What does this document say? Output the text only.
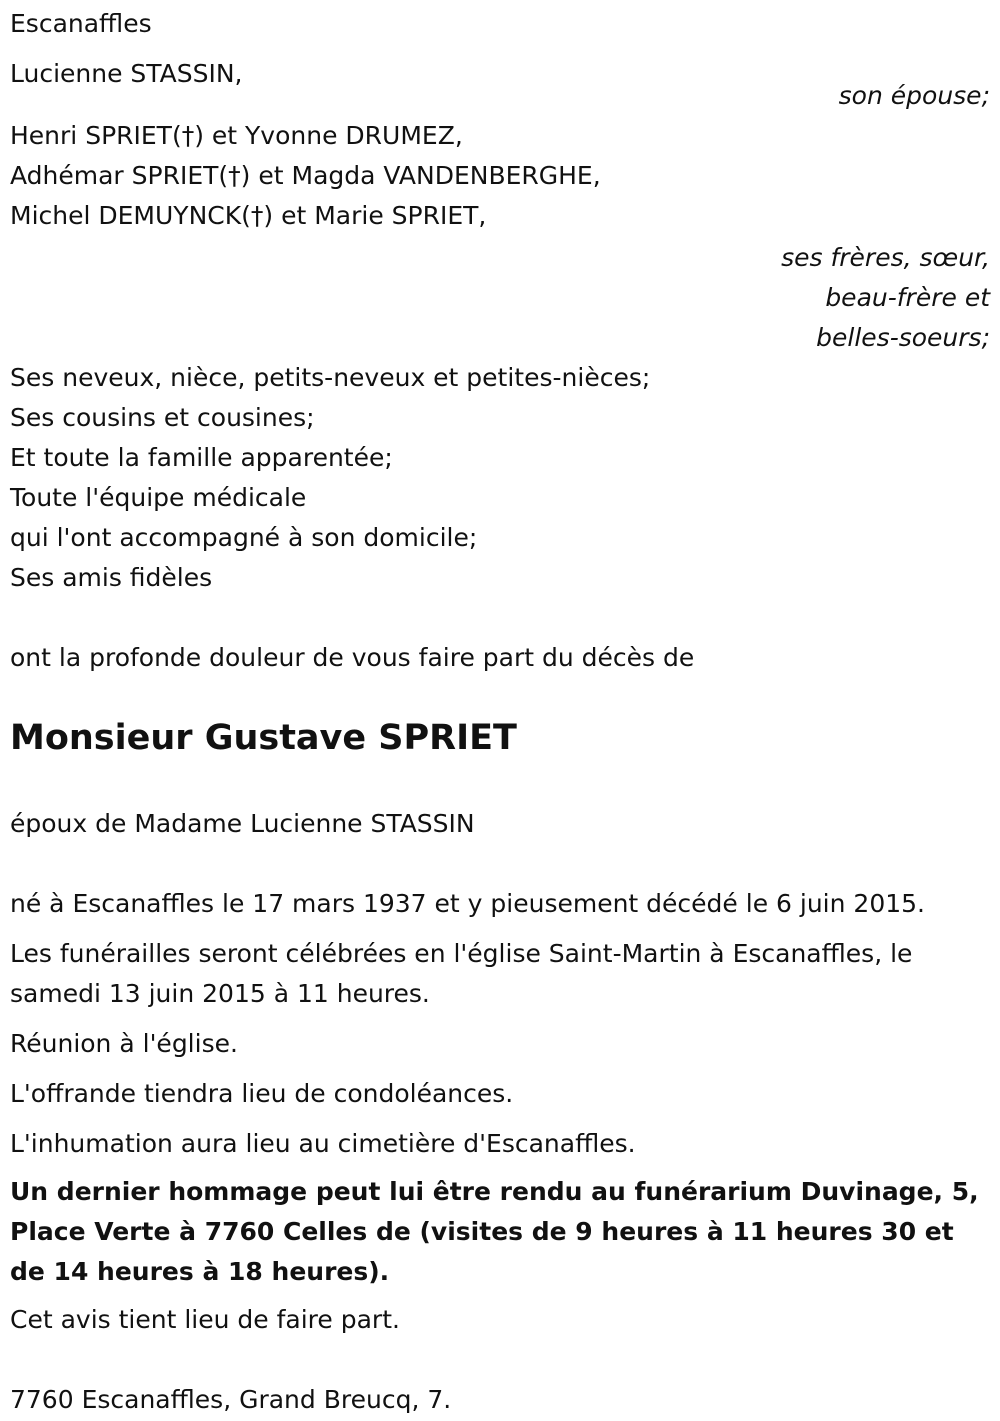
Escanaffles
Lucienne STASSIN,
son épouse;
Henri SPRIET(†) et Yvonne DRUMEZ,
Adhémar SPRIET(†) et Magda VANDENBERGHE,
Michel DEMUYNCK(†) et Marie SPRIET,
ses frères, sœur,
beau-frère et
belles-soeurs;
Ses neveux, nièce, petits-neveux et petites-nièces;
Ses cousins et cousines;
Et toute la famille apparentée;
Toute l'équipe médicale
qui l'ont accompagné à son domicile;
Ses amis fidèles
ont la profonde douleur de vous faire part du décès de
Monsieur Gustave SPRIET
époux de Madame Lucienne STASSIN
né à Escanaffles le 17 mars 1937 et y pieusement décédé le 6 juin 2015.
Les funérailles seront célébrées en l'église Saint-Martin à Escanaffles, le samedi 13 juin 2015 à 11 heures.
Réunion à l'église.
L'offrande tiendra lieu de condoléances.
L'inhumation aura lieu au cimetière d'Escanaffles.
Un dernier hommage peut lui être rendu au funérarium Duvinage, 5, Place Verte à 7760 Celles de (visites de 9 heures à 11 heures 30 et de 14 heures à 18 heures).
Cet avis tient lieu de faire part.
7760 Escanaffles, Grand Breucq, 7.
